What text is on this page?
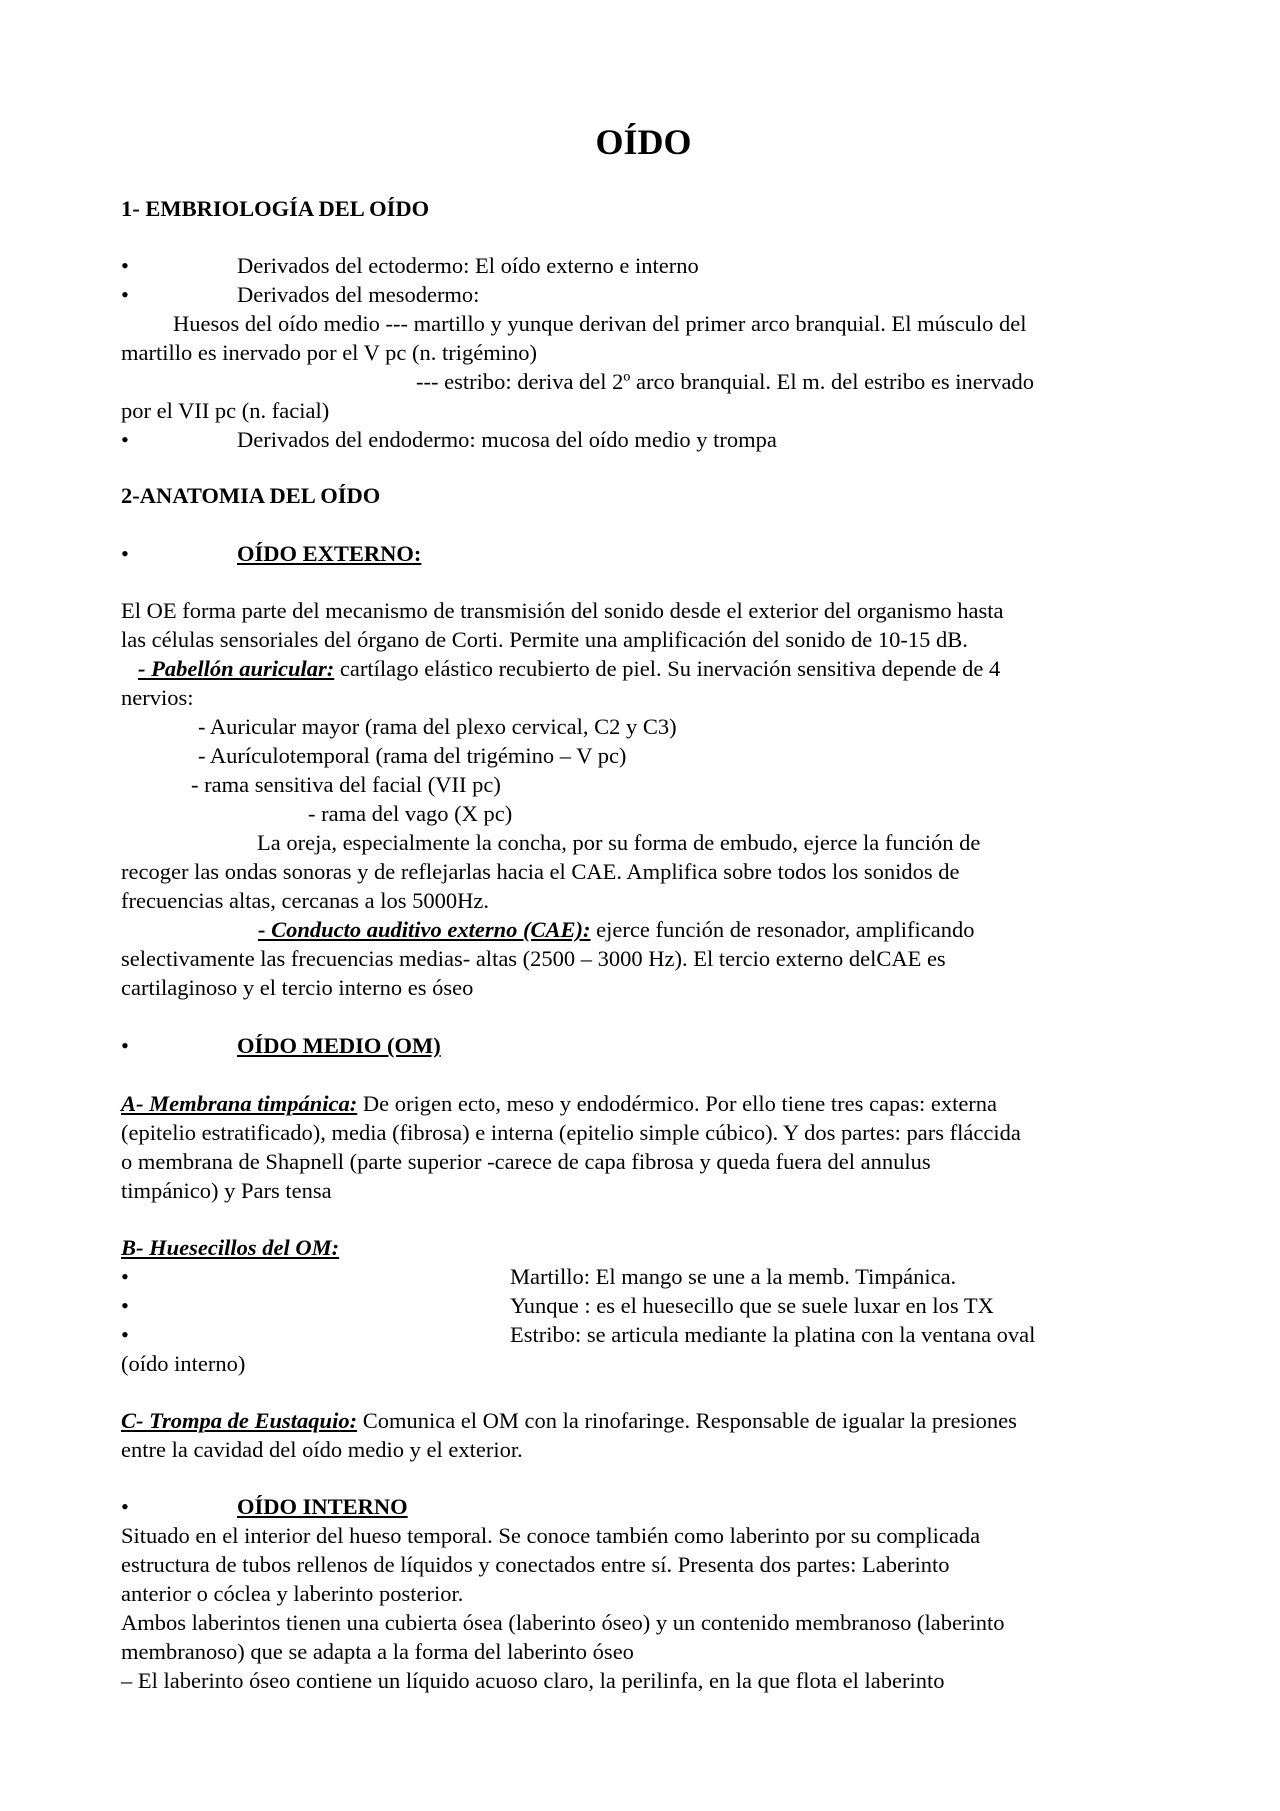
OÍDO
1- EMBRIOLOGÍA DEL OÍDO
•	Derivados del ectodermo: El oído externo e interno
•	Derivados del mesodermo:
Huesos del oído medio --- martillo y yunque derivan del primer arco branquial. El músculo del
martillo es inervado por el V pc (n. trigémino)
--- estribo: deriva del 2º arco branquial. El m. del estribo es inervado
por el VII pc (n. facial)
•	Derivados del endodermo: mucosa del oído medio y trompa
2-ANATOMIA DEL OÍDO
•	OÍDO EXTERNO:
El OE forma parte del mecanismo de transmisión del sonido desde el exterior del organismo hasta
las células sensoriales del órgano de Corti. Permite una amplificación del sonido de 10-15 dB.
- Pabellón auricular: cartílago elástico recubierto de piel. Su inervación sensitiva depende de 4
nervios:
- Auricular mayor (rama del plexo cervical, C2 y C3)
- Aurículotemporal (rama del trigémino – V pc)
- rama sensitiva del facial (VII pc)
- rama del vago (X pc)
La oreja, especialmente la concha, por su forma de embudo, ejerce la función de
recoger las ondas sonoras y de reflejarlas hacia el CAE. Amplifica sobre todos los sonidos de
frecuencias altas, cercanas a los 5000Hz.
- Conducto auditivo externo (CAE): ejerce función de resonador, amplificando
selectivamente las frecuencias medias- altas (2500 – 3000 Hz). El tercio externo delCAE es
cartilaginoso y el tercio interno es óseo
•	OÍDO MEDIO (OM)
A- Membrana timpánica: De origen ecto, meso y endodérmico. Por ello tiene tres capas: externa
(epitelio estratificado), media (fibrosa) e interna (epitelio simple cúbico). Y dos partes: pars fláccida
o membrana de Shapnell (parte superior -carece de capa fibrosa y queda fuera del annulus
timpánico) y Pars tensa
B- Huesecillos del OM:
•	Martillo: El mango se une a la memb. Timpánica.
•	Yunque : es el huesecillo que se suele luxar en los TX
•	Estribo: se articula mediante la platina con la ventana oval
(oído interno)
C- Trompa de Eustaquio: Comunica el OM con la rinofaringe. Responsable de igualar la presiones
entre la cavidad del oído medio y el exterior.
•	OÍDO INTERNO
Situado en el interior del hueso temporal. Se conoce también como laberinto por su complicada
estructura de tubos rellenos de líquidos y conectados entre sí. Presenta dos partes: Laberinto
anterior o cóclea y laberinto posterior.
Ambos laberintos tienen una cubierta ósea (laberinto óseo) y un contenido membranoso (laberinto
membranoso) que se adapta a la forma del laberinto óseo
– El laberinto óseo contiene un líquido acuoso claro, la perilinfa, en la que flota el laberinto
